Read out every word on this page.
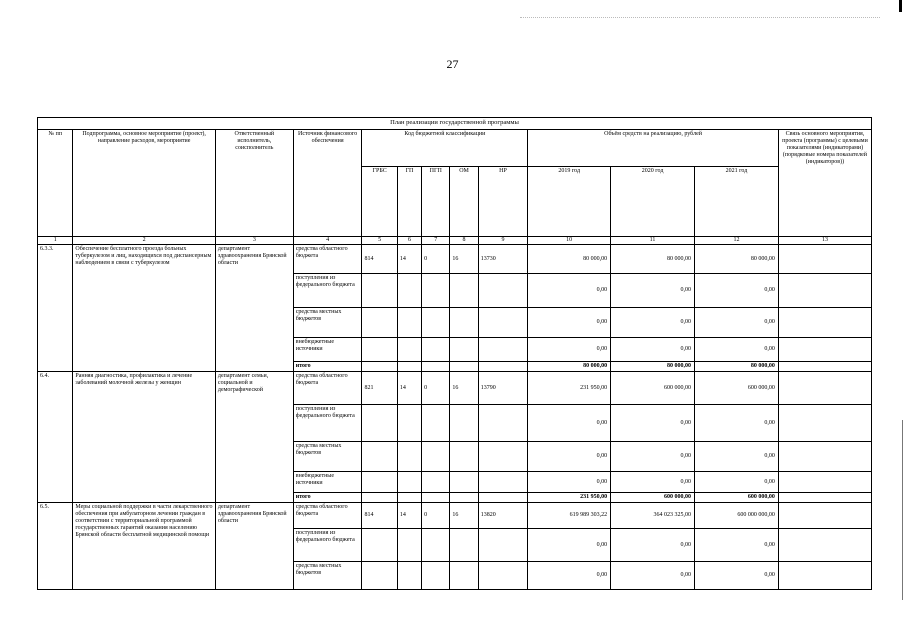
27
План реализации государственной программы												
№ пп	Подпрограмма, основное мероприятие (проект), направление расходов, мероприятие	Ответственный исполнитель, соисполнитель	Источник финансового обеспечения	Код бюджетной классификации					Объём средств на реализацию, рублей			Связь основного мероприятия, проекта (программы) с целевыми показателями (индикаторами) (порядковые номера показателей (индикаторов))
				ГРБС	ГП	ПГП	ОМ	НР	2019 год	2020 год	2021 год	
1	2	3	4	5	6	7	8	9	10	11	12	13
6.3.3.	Обеспечение бесплатного проезда больных туберкулезом и лиц, находящихся под диспансерным наблюдением в связи с туберкулезом	департамент здравоохранения Брянской области	средства областного бюджета	814	14	0	16	13730	80 000,00	80 000,00	80 000,00	
			поступления из федерального бюджета						0,00	0,00	0,00	
			средства местных бюджетов						0,00	0,00	0,00	
			внебюджетные источники						0,00	0,00	0,00	
			итого						80 000,00	80 000,00	80 000,00	
6.4.	Ранняя диагностика, профилактика и лечение заболеваний молочной железы у женщин	департамент семьи, социальной и демографической	средства областного бюджета	821	14	0	16	13790	231 950,00	600 000,00	600 000,00	
			поступления из федерального бюджета						0,00	0,00	0,00	
			средства местных бюджетов						0,00	0,00	0,00	
			внебюджетные источники						0,00	0,00	0,00	
			итого						231 950,00	600 000,00	600 000,00	
6.5.	Меры социальной поддержки в части лекарственного обеспечения при амбулаторном лечении граждан в соответствии с территориальной программой государственных гарантий оказания населению Брянской области бесплатной медицинской помощи	департамент здравоохранения Брянской области	средства областного бюджета	814	14	0	16	13820	619 989 303,22	364 023 325,00	600 000 000,00	
			поступления из федерального бюджета						0,00	0,00	0,00	
			средства местных бюджетов						0,00	0,00	0,00	
